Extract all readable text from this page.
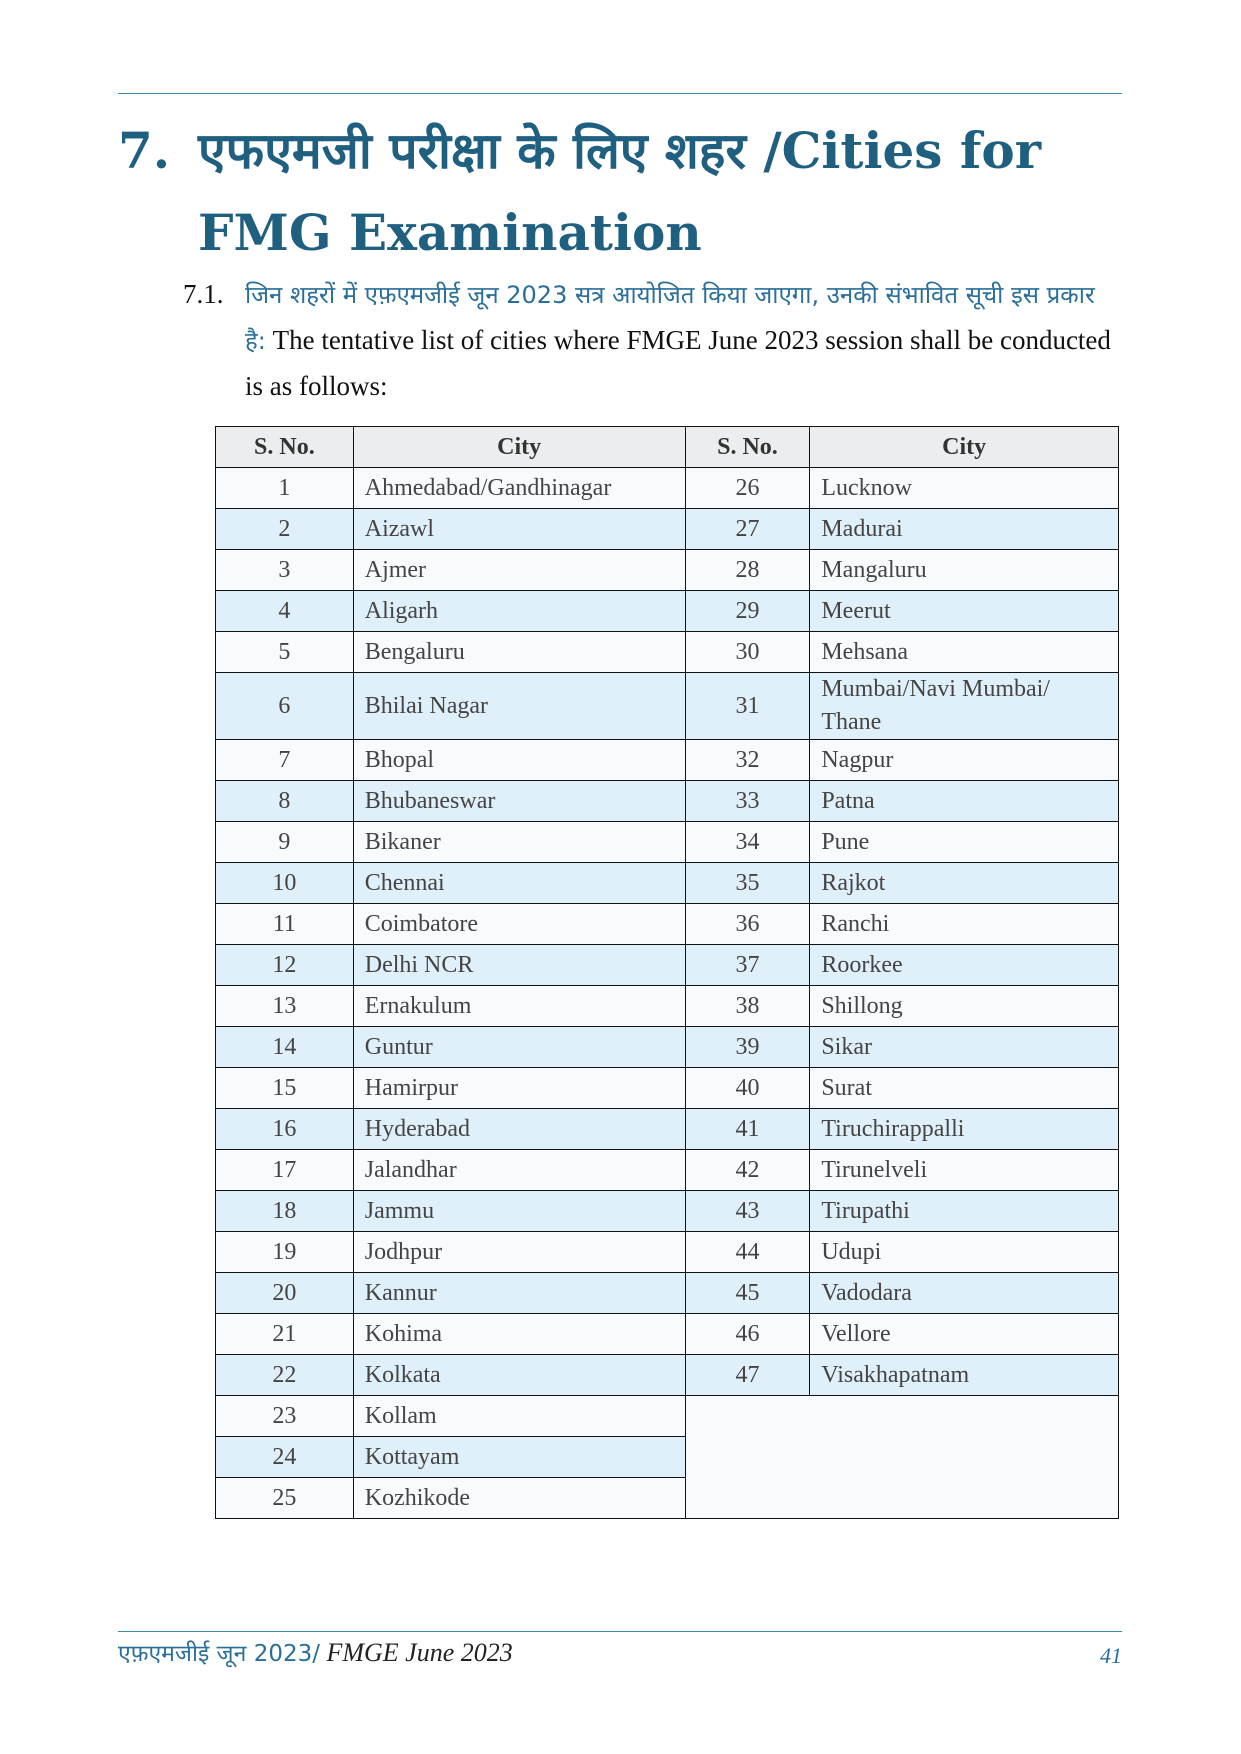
7. एफएमजी परीक्षा के लिए शहर /Cities for
FMG Examination
7.1. जिन शहरों में एफ़एमजीई जून 2023 सत्र आयोजित किया जाएगा, उनकी संभावित सूची इस प्रकार है: The tentative list of cities where FMGE June 2023 session shall be conducted is as follows:
S. No.	City	S. No.	City
1	Ahmedabad/Gandhinagar	26	Lucknow
2	Aizawl	27	Madurai
3	Ajmer	28	Mangaluru
4	Aligarh	29	Meerut
5	Bengaluru	30	Mehsana
6	Bhilai Nagar	31	Mumbai/Navi Mumbai/ Thane
7	Bhopal	32	Nagpur
8	Bhubaneswar	33	Patna
9	Bikaner	34	Pune
10	Chennai	35	Rajkot
11	Coimbatore	36	Ranchi
12	Delhi NCR	37	Roorkee
13	Ernakulum	38	Shillong
14	Guntur	39	Sikar
15	Hamirpur	40	Surat
16	Hyderabad	41	Tiruchirappalli
17	Jalandhar	42	Tirunelveli
18	Jammu	43	Tirupathi
19	Jodhpur	44	Udupi
20	Kannur	45	Vadodara
21	Kohima	46	Vellore
22	Kolkata	47	Visakhapatnam
23	Kollam		
24	Kottayam		
25	Kozhikode		
एफ़एमजीई जून 2023/ FMGE June 2023	41
